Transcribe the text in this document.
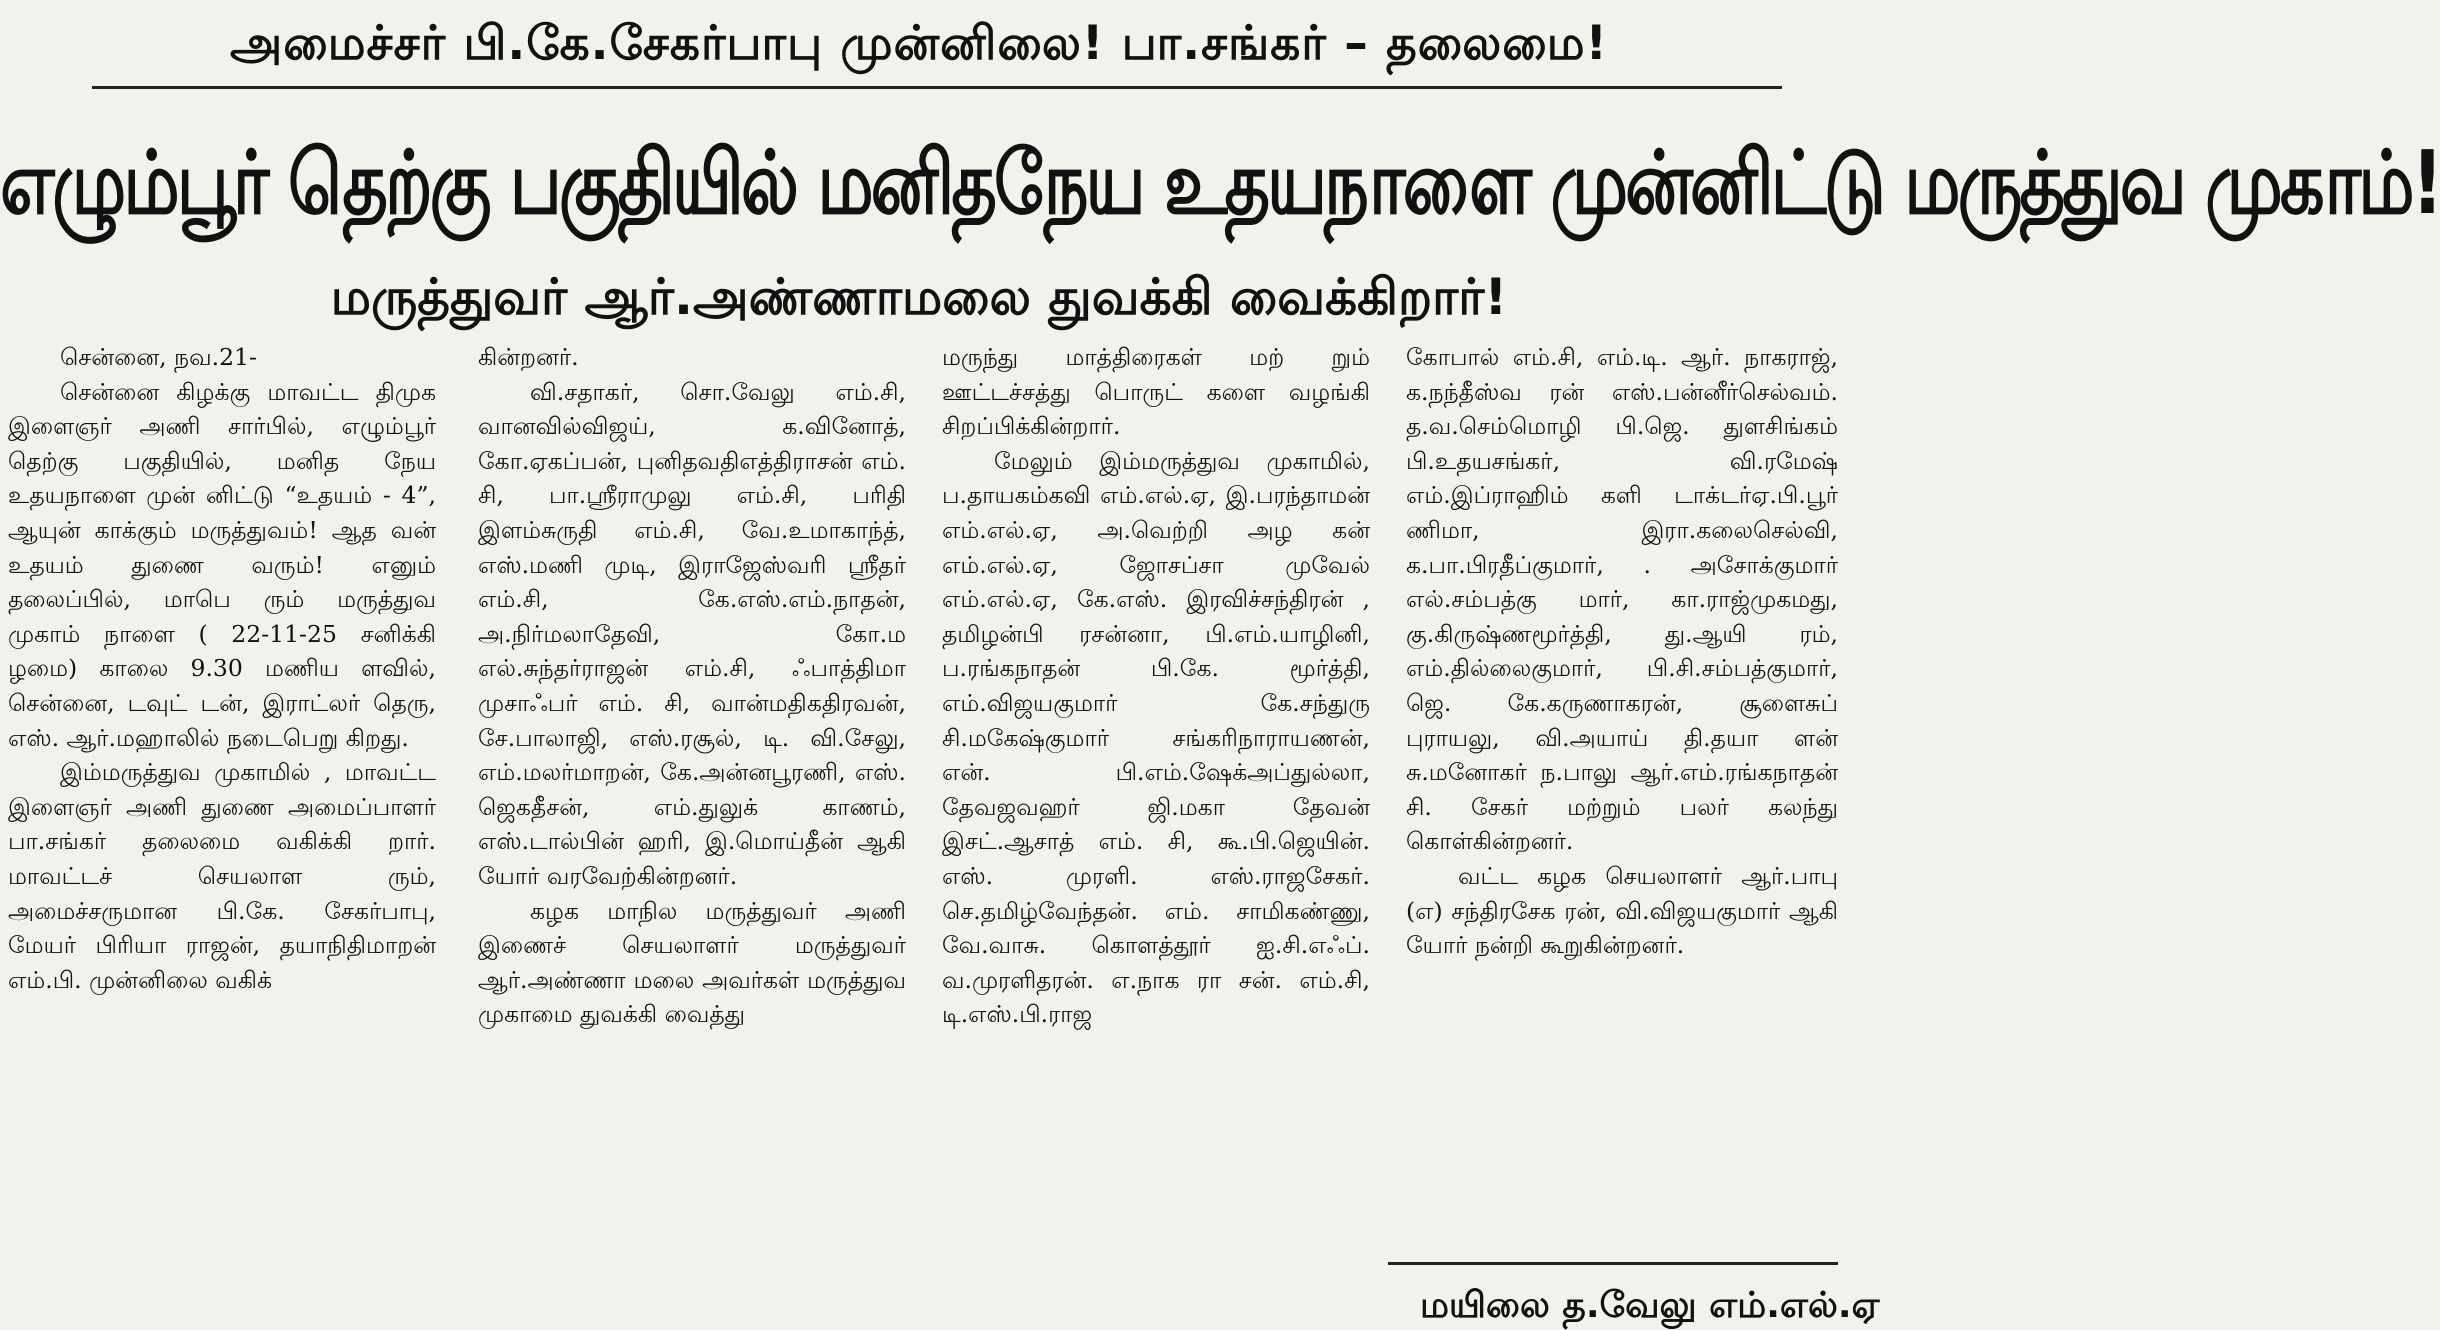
அமைச்சர் பி.கே.சேகர்பாபு முன்னிலை! பா.சங்கர் – தலைமை!
எழும்பூர் தெற்கு பகுதியில் மனிதநேய உதயநாளை முன்னிட்டு மருத்துவ முகாம்!
மருத்துவர் ஆர்.அண்ணாமலை துவக்கி வைக்கிறார்!

சென்னை, நவ.21-

சென்னை கிழக்கு மாவட்ட திமுக இளைஞர் அணி சார்பில், எழும்பூர் தெற்கு பகுதியில், மனித நேய உதயநாளை முன் னிட்டு “உதயம் - 4”, ஆயுன் காக்கும் மருத்துவம்! ஆத வன் உதயம் துணை வரும்! எனும் தலைப்பில், மாபெ ரும் மருத்துவ முகாம் நாளை ( 22-11-25 சனிக்கி ழமை) காலை 9.30 மணிய ளவில், சென்னை, டவுட் டன், இராட்லர் தெரு, எஸ். ஆர்.மஹாலில் நடைபெறு கிறது.

இம்மருத்துவ முகாமில் , மாவட்ட இளைஞர் அணி துணை அமைப்பாளர் பா.சங்கர் தலைமை வகிக்கி றார். மாவட்டச் செயலாள ரும், அமைச்சருமான பி.கே. சேகர்பாபு, மேயர் பிரியா ராஜன், தயாநிதிமாறன் எம்.பி. முன்னிலை வகிக்

கின்றனர்.

வி.சதாகர், சொ.வேலு எம்.சி, வானவில்விஜய், க.வினோத், கோ.ஏகப்பன், புனிதவதிஎத்திராசன் எம். சி, பா.ஸ்ரீராமுலு எம்.சி, பரிதி இளம்சுருதி எம்.சி, வே.உமாகாந்த், எஸ்.மணி முடி, இராஜேஸ்வரி ஸ்ரீதர் எம்.சி, கே.எஸ்.எம்.நாதன், அ.நிர்மலாதேவி, கோ.ம எல்.சுந்தர்ராஜன் எம்.சி, ஃபாத்திமா முசாஃபர் எம். சி, வான்மதிகதிரவன், சே.பாலாஜி, எஸ்.ரசூல், டி. வி.சேலு, எம்.மலர்மாறன், கே.அன்னபூரணி, எஸ். ஜெகதீசன், எம்.துலுக் காணம், எஸ்.டால்பின் ஹரி, இ.மொய்தீன் ஆகி யோர் வரவேற்கின்றனர்.

கழக மாநில மருத்துவர் அணி இணைச் செயலாளர் மருத்துவர் ஆர்.அண்ணா மலை அவர்கள் மருத்துவ முகாமை துவக்கி வைத்து

மருந்து மாத்திரைகள் மற் றும் ஊட்டச்சத்து பொருட் களை வழங்கி சிறப்பிக்கின்றார்.

மேலும் இம்மருத்துவ முகாமில், ப.தாயகம்கவி எம்.எல்.ஏ, இ.பரந்தாமன் எம்.எல்.ஏ, அ.வெற்றி அழ கன் எம்.எல்.ஏ, ஜோசப்சா முவேல் எம்.எல்.ஏ, கே.எஸ். இரவிச்சந்திரன் , தமிழன்பி ரசன்னா, பி.எம்.யாழினி, ப.ரங்கநாதன் பி.கே. மூர்த்தி, எம்.விஜயகுமார் கே.சந்துரு சி.மகேஷ்குமார் சங்கரிநாராயணன், என். பி.எம்.ஷேக்அப்துல்லா, தேவஜவஹர் ஜி.மகா தேவன் இசட்.ஆசாத் எம். சி, கூ.பி.ஜெயின். எஸ். முரளி. எஸ்.ராஜசேகர். செ.தமிழ்வேந்தன். எம். சாமிகண்ணு, வே.வாசு. கொளத்தூர் ஐ.சி.எஃப். வ.முரளிதரன். எ.நாக ரா சன். எம்.சி, டி.எஸ்.பி.ராஜ

கோபால் எம்.சி, எம்.டி. ஆர். நாகராஜ், க.நந்தீஸ்வ ரன் எஸ்.பன்னீர்செல்வம். த.வ.செம்மொழி பி.ஜெ. துளசிங்கம் பி.உதயசங்கர், வி.ரமேஷ் எம்.இப்ராஹிம் களி டாக்டர்ஏ.பி.பூர் ணிமா, இரா.கலைசெல்வி, க.பா.பிரதீப்குமார், . அசோக்குமார் எல்.சம்பத்கு மார், கா.ராஜ்முகமது, கு.கிருஷ்ணமூர்த்தி, து.ஆயி ரம், எம்.தில்லைகுமார், பி.சி.சம்பத்குமார், ஜெ. கே.கருணாகரன், சூளைசுப் புராயலு, வி.அயாய் தி.தயா ளன் சு.மனோகர் ந.பாலு ஆர்.எம்.ரங்கநாதன் சி. சேகர் மற்றும் பலர் கலந்து கொள்கின்றனர்.

வட்ட கழக செயலாளர் ஆர்.பாபு (எ) சந்திரசேக ரன், வி.விஜயகுமார் ஆகி யோர் நன்றி கூறுகின்றனர்.

மயிலை த.வேலு எம்.எல்.ஏ
